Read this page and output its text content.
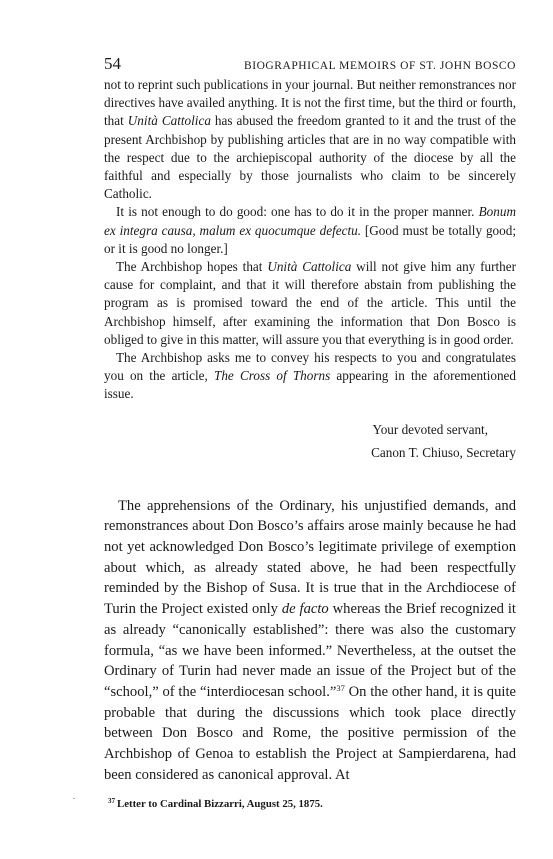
54	BIOGRAPHICAL MEMOIRS OF ST. JOHN BOSCO

not to reprint such publications in your journal. But neither remonstrances nor directives have availed anything. It is not the first time, but the third or fourth, that Unità Cattolica has abused the freedom granted to it and the trust of the present Archbishop by publishing articles that are in no way compatible with the respect due to the archiepiscopal authority of the diocese by all the faithful and especially by those journalists who claim to be sincerely Catholic.

It is not enough to do good: one has to do it in the proper manner. Bonum ex integra causa, malum ex quocumque defectu. [Good must be totally good; or it is good no longer.]

The Archbishop hopes that Unità Cattolica will not give him any further cause for complaint, and that it will therefore abstain from publishing the program as is promised toward the end of the article. This until the Archbishop himself, after examining the information that Don Bosco is obliged to give in this matter, will assure you that everything is in good order.

The Archbishop asks me to convey his respects to you and congratulates you on the article, The Cross of Thorns appearing in the aforementioned issue.

Your devoted servant,
Canon T. Chiuso, Secretary

The apprehensions of the Ordinary, his unjustified demands, and remonstrances about Don Bosco’s affairs arose mainly because he had not yet acknowledged Don Bosco’s legitimate privilege of exemption about which, as already stated above, he had been respectfully reminded by the Bishop of Susa. It is true that in the Archdiocese of Turin the Project existed only de facto whereas the Brief recognized it as already “canonically established”: there was also the customary formula, “as we have been informed.” Nevertheless, at the outset the Ordinary of Turin had never made an issue of the Project but of the “school,” of the “interdiocesan school.”$^{37}$ On the other hand, it is quite probable that during the discussions which took place directly between Don Bosco and Rome, the positive permission of the Archbishop of Genoa to establish the Project at Sampierdarena, had been considered as canonical approval. At

$^{37}$ Letter to Cardinal Bizzarri, August 25, 1875.
